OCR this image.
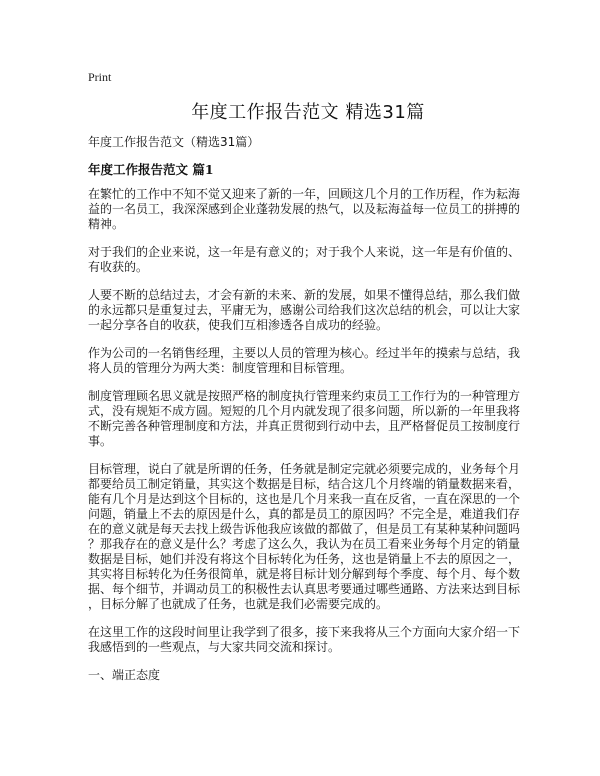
Print
年度工作报告范文 精选31篇
年度工作报告范文（精选31篇）
年度工作报告范文 篇1

在繁忙的工作中不知不觉又迎来了新的一年，回顾这几个月的工作历程，作为耘海
益的一名员工，我深深感到企业蓬勃发展的热气，以及耘海益每一位员工的拼搏的
精神。

对于我们的企业来说，这一年是有意义的；对于我个人来说，这一年是有价值的、
有收获的。

人要不断的总结过去，才会有新的未来、新的发展，如果不懂得总结，那么我们做
的永远都只是重复过去，平庸无为，感谢公司给我们这次总结的机会，可以让大家
一起分享各自的收获，使我们互相渗透各自成功的经验。

作为公司的一名销售经理，主要以人员的管理为核心。经过半年的摸索与总结，我
将人员的管理分为两大类：制度管理和目标管理。

制度管理顾名思义就是按照严格的制度执行管理来约束员工工作行为的一种管理方
式，没有规矩不成方圆。短短的几个月内就发现了很多问题，所以新的一年里我将
不断完善各种管理制度和方法，并真正贯彻到行动中去，且严格督促员工按制度行
事。

目标管理，说白了就是所谓的任务，任务就是制定完就必须要完成的，业务每个月
都要给员工制定销量，其实这个数据是目标，结合这几个月终端的销量数据来看，
能有几个月是达到这个目标的，这也是几个月来我一直在反省，一直在深思的一个
问题，销量上不去的原因是什么，真的都是员工的原因吗？不完全是，难道我们存
在的意义就是每天去找上级告诉他我应该做的都做了，但是员工有某种某种问题吗
？那我存在的意义是什么？考虑了这么久，我认为在员工看来业务每个月定的销量
数据是目标，她们并没有将这个目标转化为任务，这也是销量上不去的原因之一，
其实将目标转化为任务很简单，就是将目标计划分解到每个季度、每个月、每个数
据、每个细节，并调动员工的积极性去认真思考要通过哪些通路、方法来达到目标
，目标分解了也就成了任务，也就是我们必需要完成的。

在这里工作的这段时间里让我学到了很多，接下来我将从三个方面向大家介绍一下
我感悟到的一些观点，与大家共同交流和探讨。

一、端正态度
